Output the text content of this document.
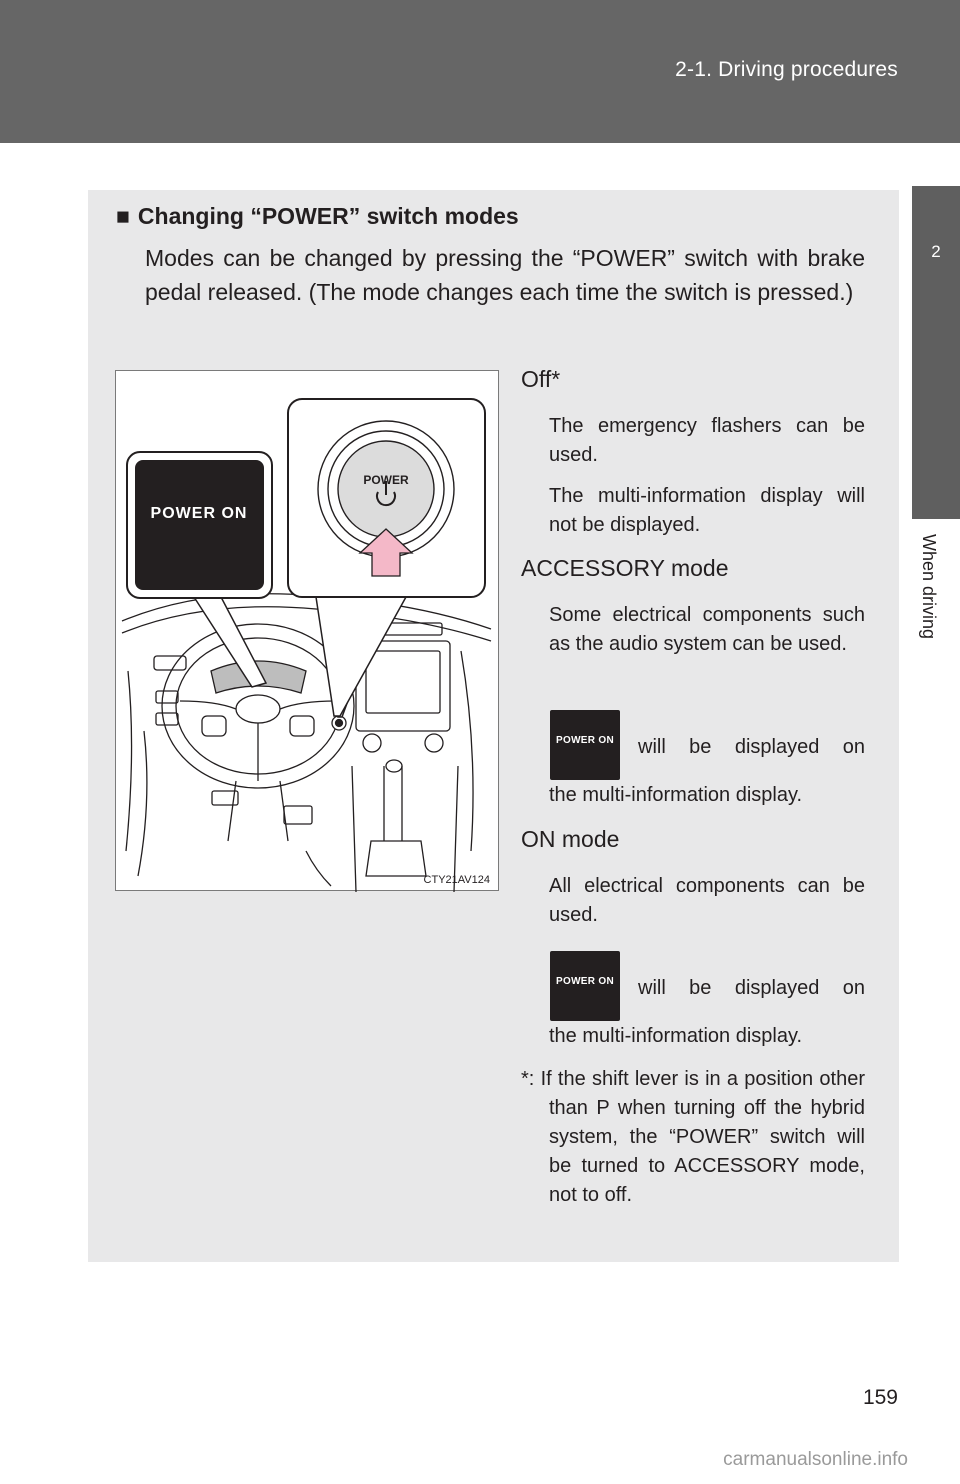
2-1. Driving procedures
2
When driving
■ Changing “POWER” switch modes
Modes can be changed by pressing the “POWER” switch with brake pedal released. (The mode changes each time the switch is pressed.)
POWER ON
POWER
CTY21AV124
Off*
The emergency flashers can be used.
The multi-information display will not be displayed.
ACCESSORY mode
Some electrical components such as the audio system can be used.
POWER ON	will be displayed on
the multi-information display.
ON mode
All electrical components can be used.
POWER ON	will be displayed on
the multi-information display.
*: If the shift lever is in a position other than P when turning off the hybrid system, the “POWER” switch will be turned to ACCESSORY mode, not to off.
159
carmanualsonline.info
